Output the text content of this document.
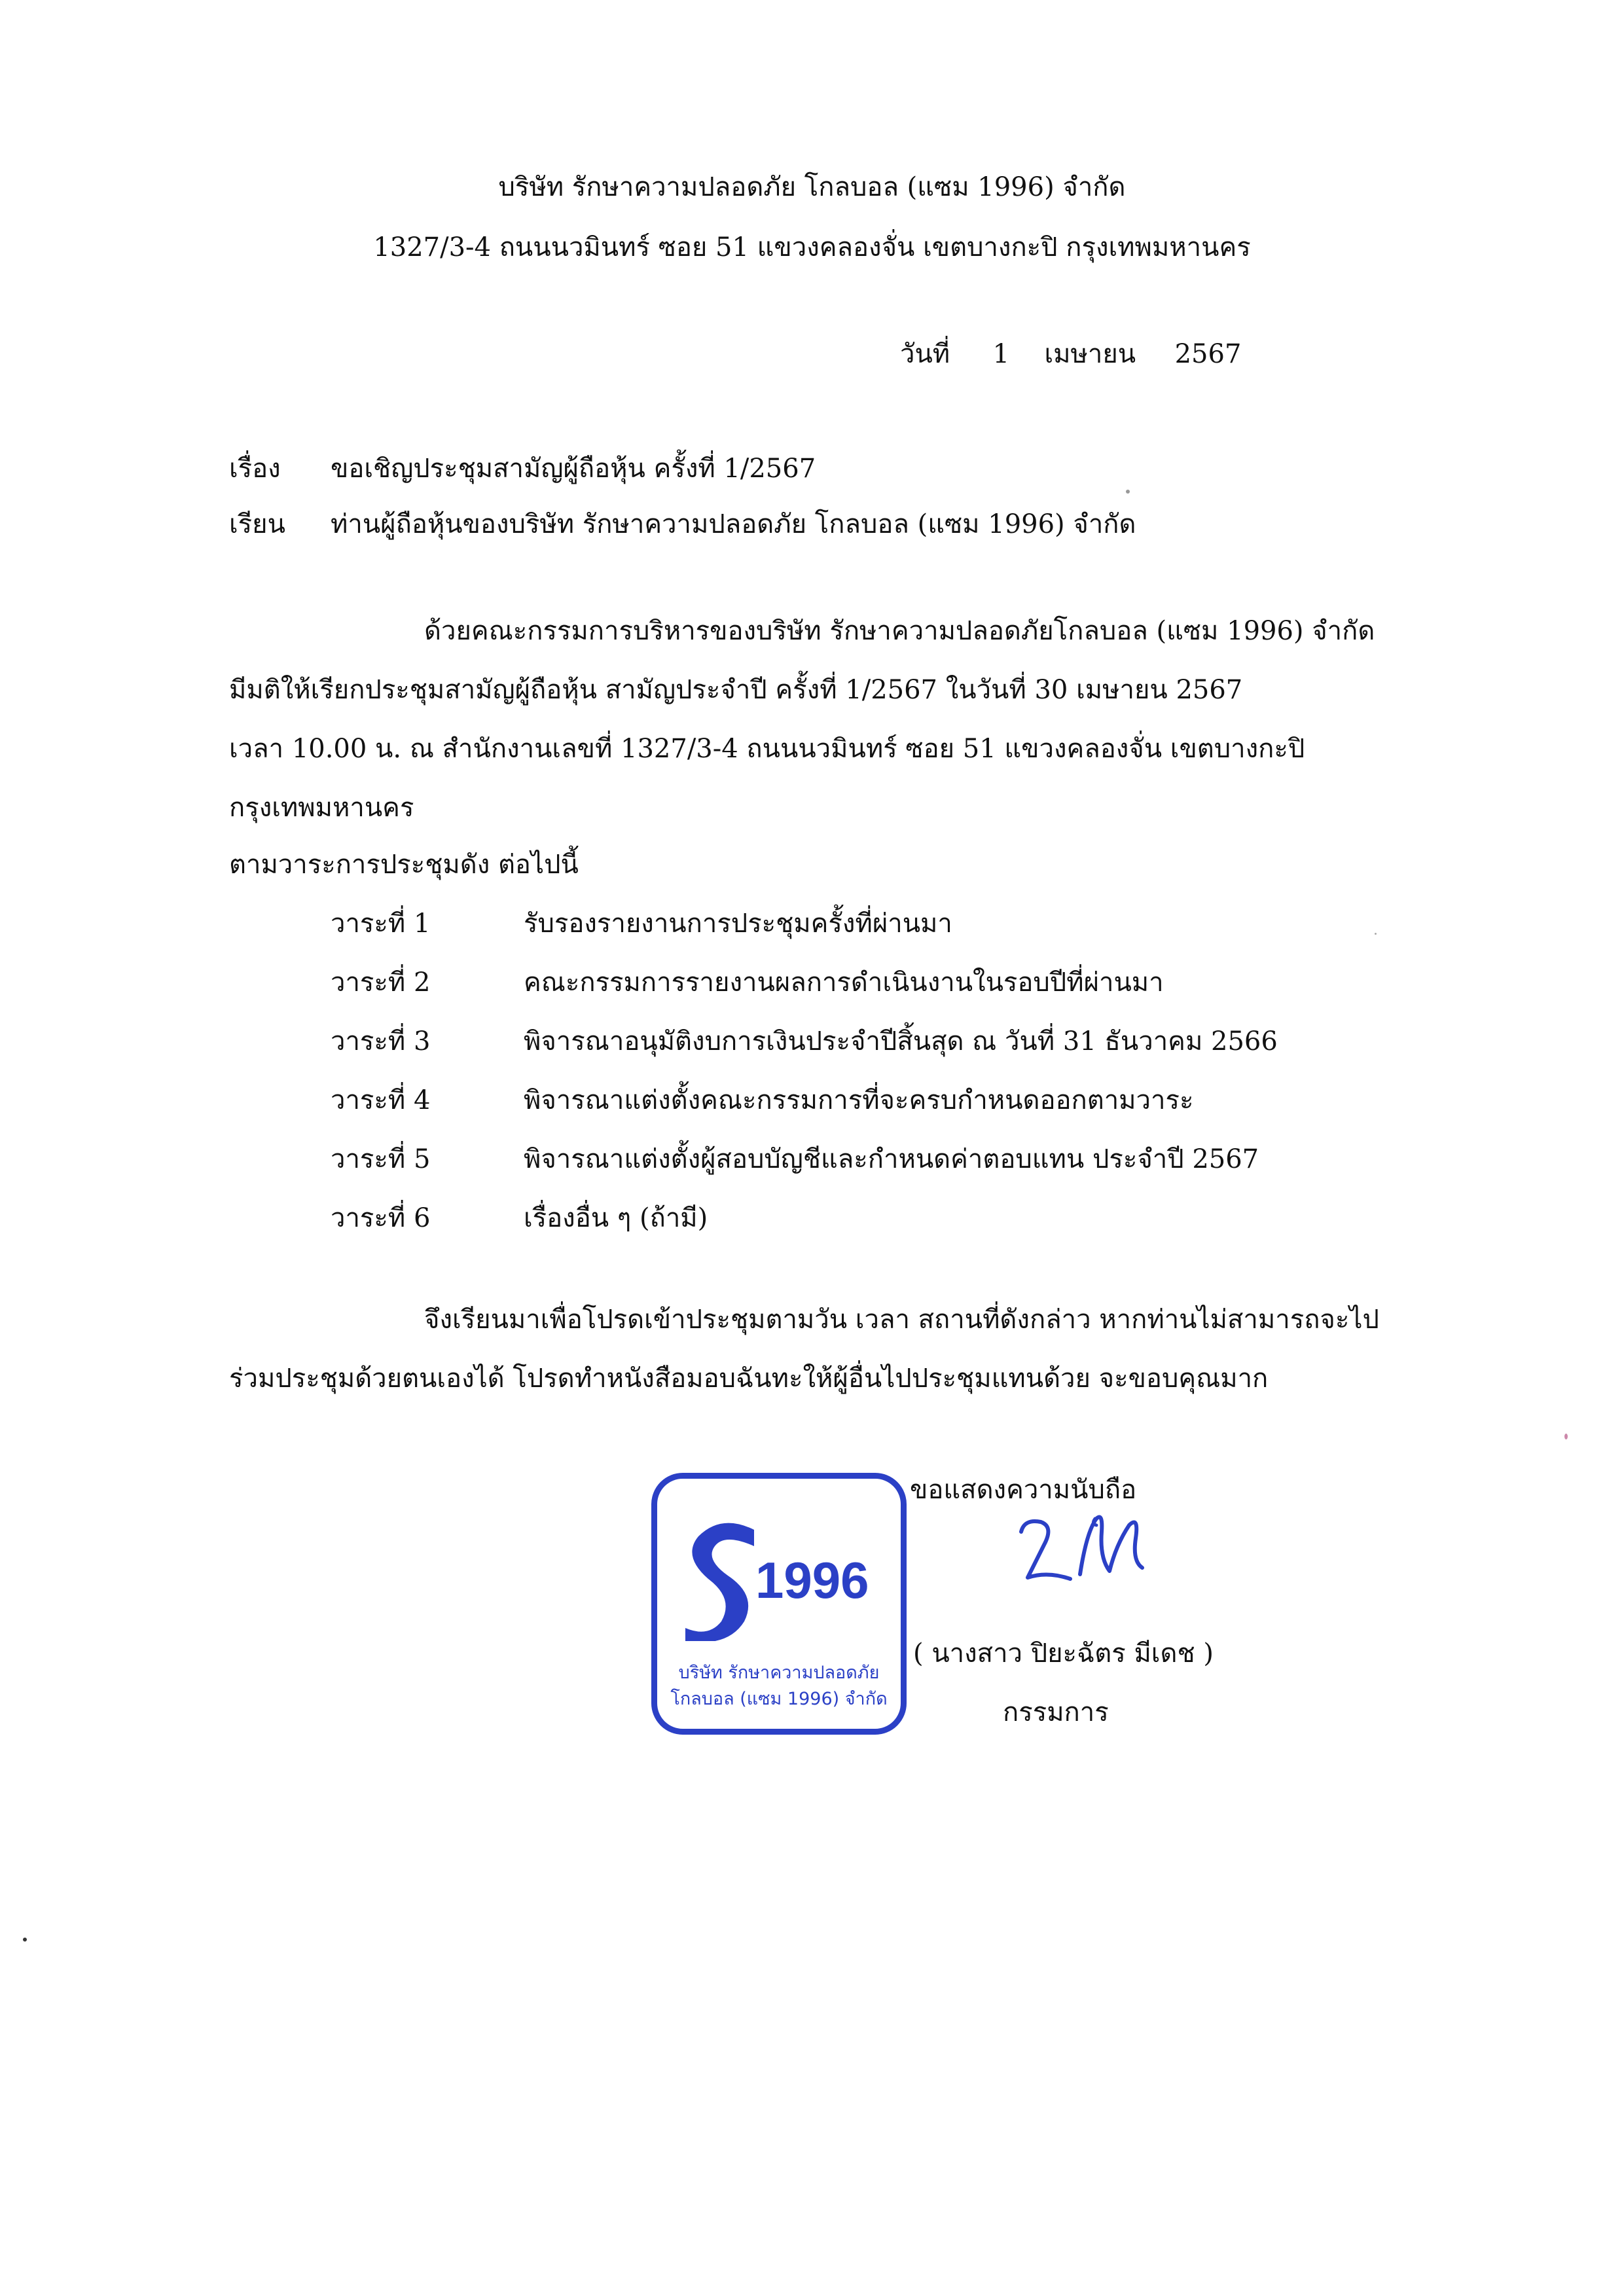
บริษัท รักษาความปลอดภัย โกลบอล (แซม 1996) จำกัด
1327/3-4 ถนนนวมินทร์ ซอย 51 แขวงคลองจั่น เขตบางกะปิ กรุงเทพมหานคร
วันที่ 1 เมษายน 2567
เรื่อง ขอเชิญประชุมสามัญผู้ถือหุ้น ครั้งที่ 1/2567
เรียน ท่านผู้ถือหุ้นของบริษัท รักษาความปลอดภัย โกลบอล (แซม 1996) จำกัด
ด้วยคณะกรรมการบริหารของบริษัท รักษาความปลอดภัยโกลบอล (แซม 1996) จำกัด
มีมติให้เรียกประชุมสามัญผู้ถือหุ้น สามัญประจำปี ครั้งที่ 1/2567 ในวันที่ 30 เมษายน 2567
เวลา 10.00 น. ณ สำนักงานเลขที่ 1327/3-4 ถนนนวมินทร์ ซอย 51 แขวงคลองจั่น เขตบางกะปิ
กรุงเทพมหานคร
ตามวาระการประชุมดัง ต่อไปนี้
วาระที่ 1	รับรองรายงานการประชุมครั้งที่ผ่านมา
วาระที่ 2	คณะกรรมการรายงานผลการดำเนินงานในรอบปีที่ผ่านมา
วาระที่ 3	พิจารณาอนุมัติงบการเงินประจำปีสิ้นสุด ณ วันที่ 31 ธันวาคม 2566
วาระที่ 4	พิจารณาแต่งตั้งคณะกรรมการที่จะครบกำหนดออกตามวาระ
วาระที่ 5	พิจารณาแต่งตั้งผู้สอบบัญชีและกำหนดค่าตอบแทน ประจำปี 2567
วาระที่ 6	เรื่องอื่น ๆ (ถ้ามี)
จึงเรียนมาเพื่อโปรดเข้าประชุมตามวัน เวลา สถานที่ดังกล่าว หากท่านไม่สามารถจะไป
ร่วมประชุมด้วยตนเองได้ โปรดทำหนังสือมอบฉันทะให้ผู้อื่นไปประชุมแทนด้วย จะขอบคุณมาก
ขอแสดงความนับถือ
( นางสาว ปิยะฉัตร มีเดช )
กรรมการ
1996
บริษัท รักษาความปลอดภัย
โกลบอล (แซม 1996) จำกัด
